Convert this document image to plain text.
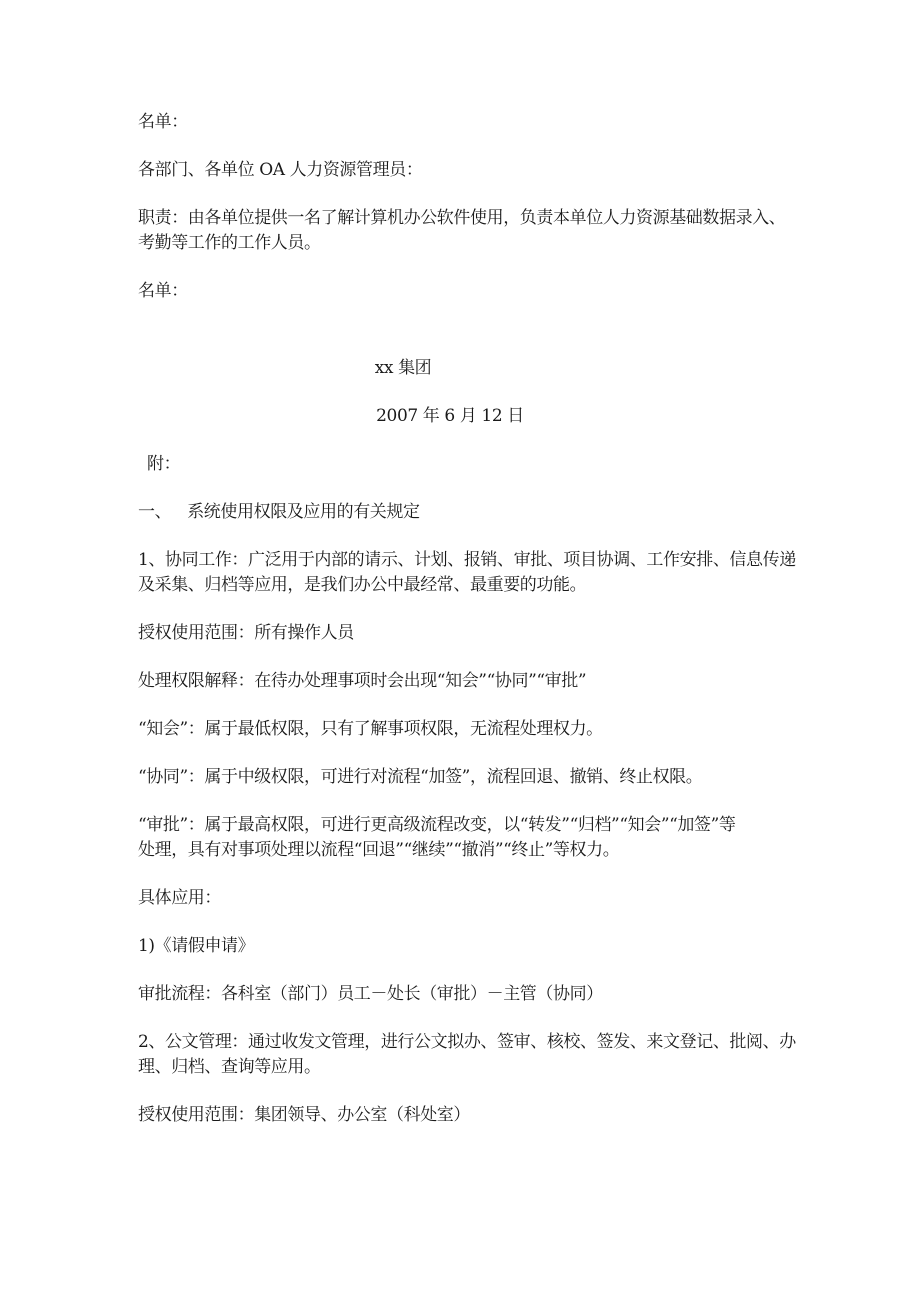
名单：
各部门、各单位 OA 人力资源管理员：
职责：由各单位提供一名了解计算机办公软件使用，负责本单位人力资源基础数据录入、
考勤等工作的工作人员。
名单：
xx 集团
2007 年 6 月 12 日
附：
一、 系统使用权限及应用的有关规定
1、协同工作：广泛用于内部的请示、计划、报销、审批、项目协调、工作安排、信息传递
及采集、归档等应用，是我们办公中最经常、最重要的功能。
授权使用范围：所有操作人员
处理权限解释：在待办处理事项时会出现“知会”“协同”“审批”
“知会”：属于最低权限，只有了解事项权限，无流程处理权力。
“协同”：属于中级权限，可进行对流程“加签”，流程回退、撤销、终止权限。
“审批”：属于最高权限，可进行更高级流程改变，以“转发”“归档”“知会”“加签”等
处理，具有对事项处理以流程“回退”“继续”“撤消”“终止”等权力。
具体应用：
1)《请假申请》
审批流程：各科室（部门）员工－处长（审批）－主管（协同）
2、公文管理：通过收发文管理，进行公文拟办、签审、核校、签发、来文登记、批阅、办
理、归档、查询等应用。
授权使用范围：集团领导、办公室（科处室）
